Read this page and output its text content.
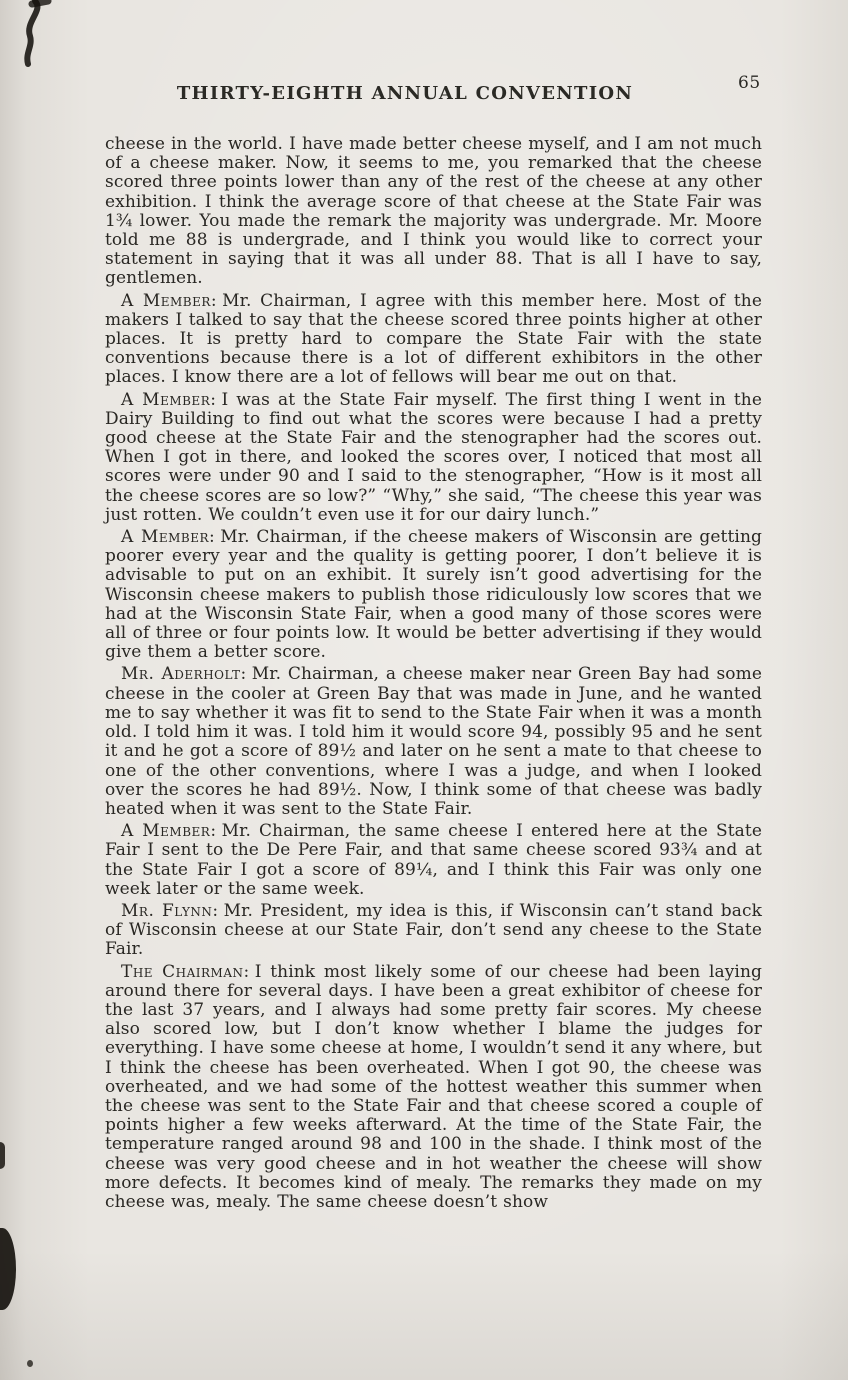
THIRTY-EIGHTH ANNUAL CONVENTION	65

cheese in the world. I have made better cheese myself, and I am not much of a cheese maker. Now, it seems to me, you remarked that the cheese scored three points lower than any of the rest of the cheese at any other exhibition. I think the average score of that cheese at the State Fair was 1¾ lower. You made the remark the majority was undergrade. Mr. Moore told me 88 is undergrade, and I think you would like to correct your statement in saying that it was all under 88. That is all I have to say, gentlemen.

A Member: Mr. Chairman, I agree with this member here. Most of the makers I talked to say that the cheese scored three points higher at other places. It is pretty hard to compare the State Fair with the state conventions because there is a lot of different exhibitors in the other places. I know there are a lot of fellows will bear me out on that.

A Member: I was at the State Fair myself. The first thing I went in the Dairy Building to find out what the scores were because I had a pretty good cheese at the State Fair and the stenographer had the scores out. When I got in there, and looked the scores over, I noticed that most all scores were under 90 and I said to the stenographer, “How is it most all the cheese scores are so low?” “Why,” she said, “The cheese this year was just rotten. We couldn’t even use it for our dairy lunch.”

A Member: Mr. Chairman, if the cheese makers of Wisconsin are getting poorer every year and the quality is getting poorer, I don’t believe it is advisable to put on an exhibit. It surely isn’t good advertising for the Wisconsin cheese makers to publish those ridiculously low scores that we had at the Wisconsin State Fair, when a good many of those scores were all of three or four points low. It would be better advertising if they would give them a better score.

Mr. Aderholt: Mr. Chairman, a cheese maker near Green Bay had some cheese in the cooler at Green Bay that was made in June, and he wanted me to say whether it was fit to send to the State Fair when it was a month old. I told him it was. I told him it would score 94, possibly 95 and he sent it and he got a score of 89½ and later on he sent a mate to that cheese to one of the other conventions, where I was a judge, and when I looked over the scores he had 89½. Now, I think some of that cheese was badly heated when it was sent to the State Fair.

A Member: Mr. Chairman, the same cheese I entered here at the State Fair I sent to the De Pere Fair, and that same cheese scored 93¾ and at the State Fair I got a score of 89¼, and I think this Fair was only one week later or the same week.

Mr. Flynn: Mr. President, my idea is this, if Wisconsin can’t stand back of Wisconsin cheese at our State Fair, don’t send any cheese to the State Fair.

The Chairman: I think most likely some of our cheese had been laying around there for several days. I have been a great exhibitor of cheese for the last 37 years, and I always had some pretty fair scores. My cheese also scored low, but I don’t know whether I blame the judges for everything. I have some cheese at home, I wouldn’t send it any where, but I think the cheese has been overheated. When I got 90, the cheese was overheated, and we had some of the hottest weather this summer when the cheese was sent to the State Fair and that cheese scored a couple of points higher a few weeks afterward. At the time of the State Fair, the temperature ranged around 98 and 100 in the shade. I think most of the cheese was very good cheese and in hot weather the cheese will show more defects. It becomes kind of mealy. The remarks they made on my cheese was, mealy. The same cheese doesn’t show
